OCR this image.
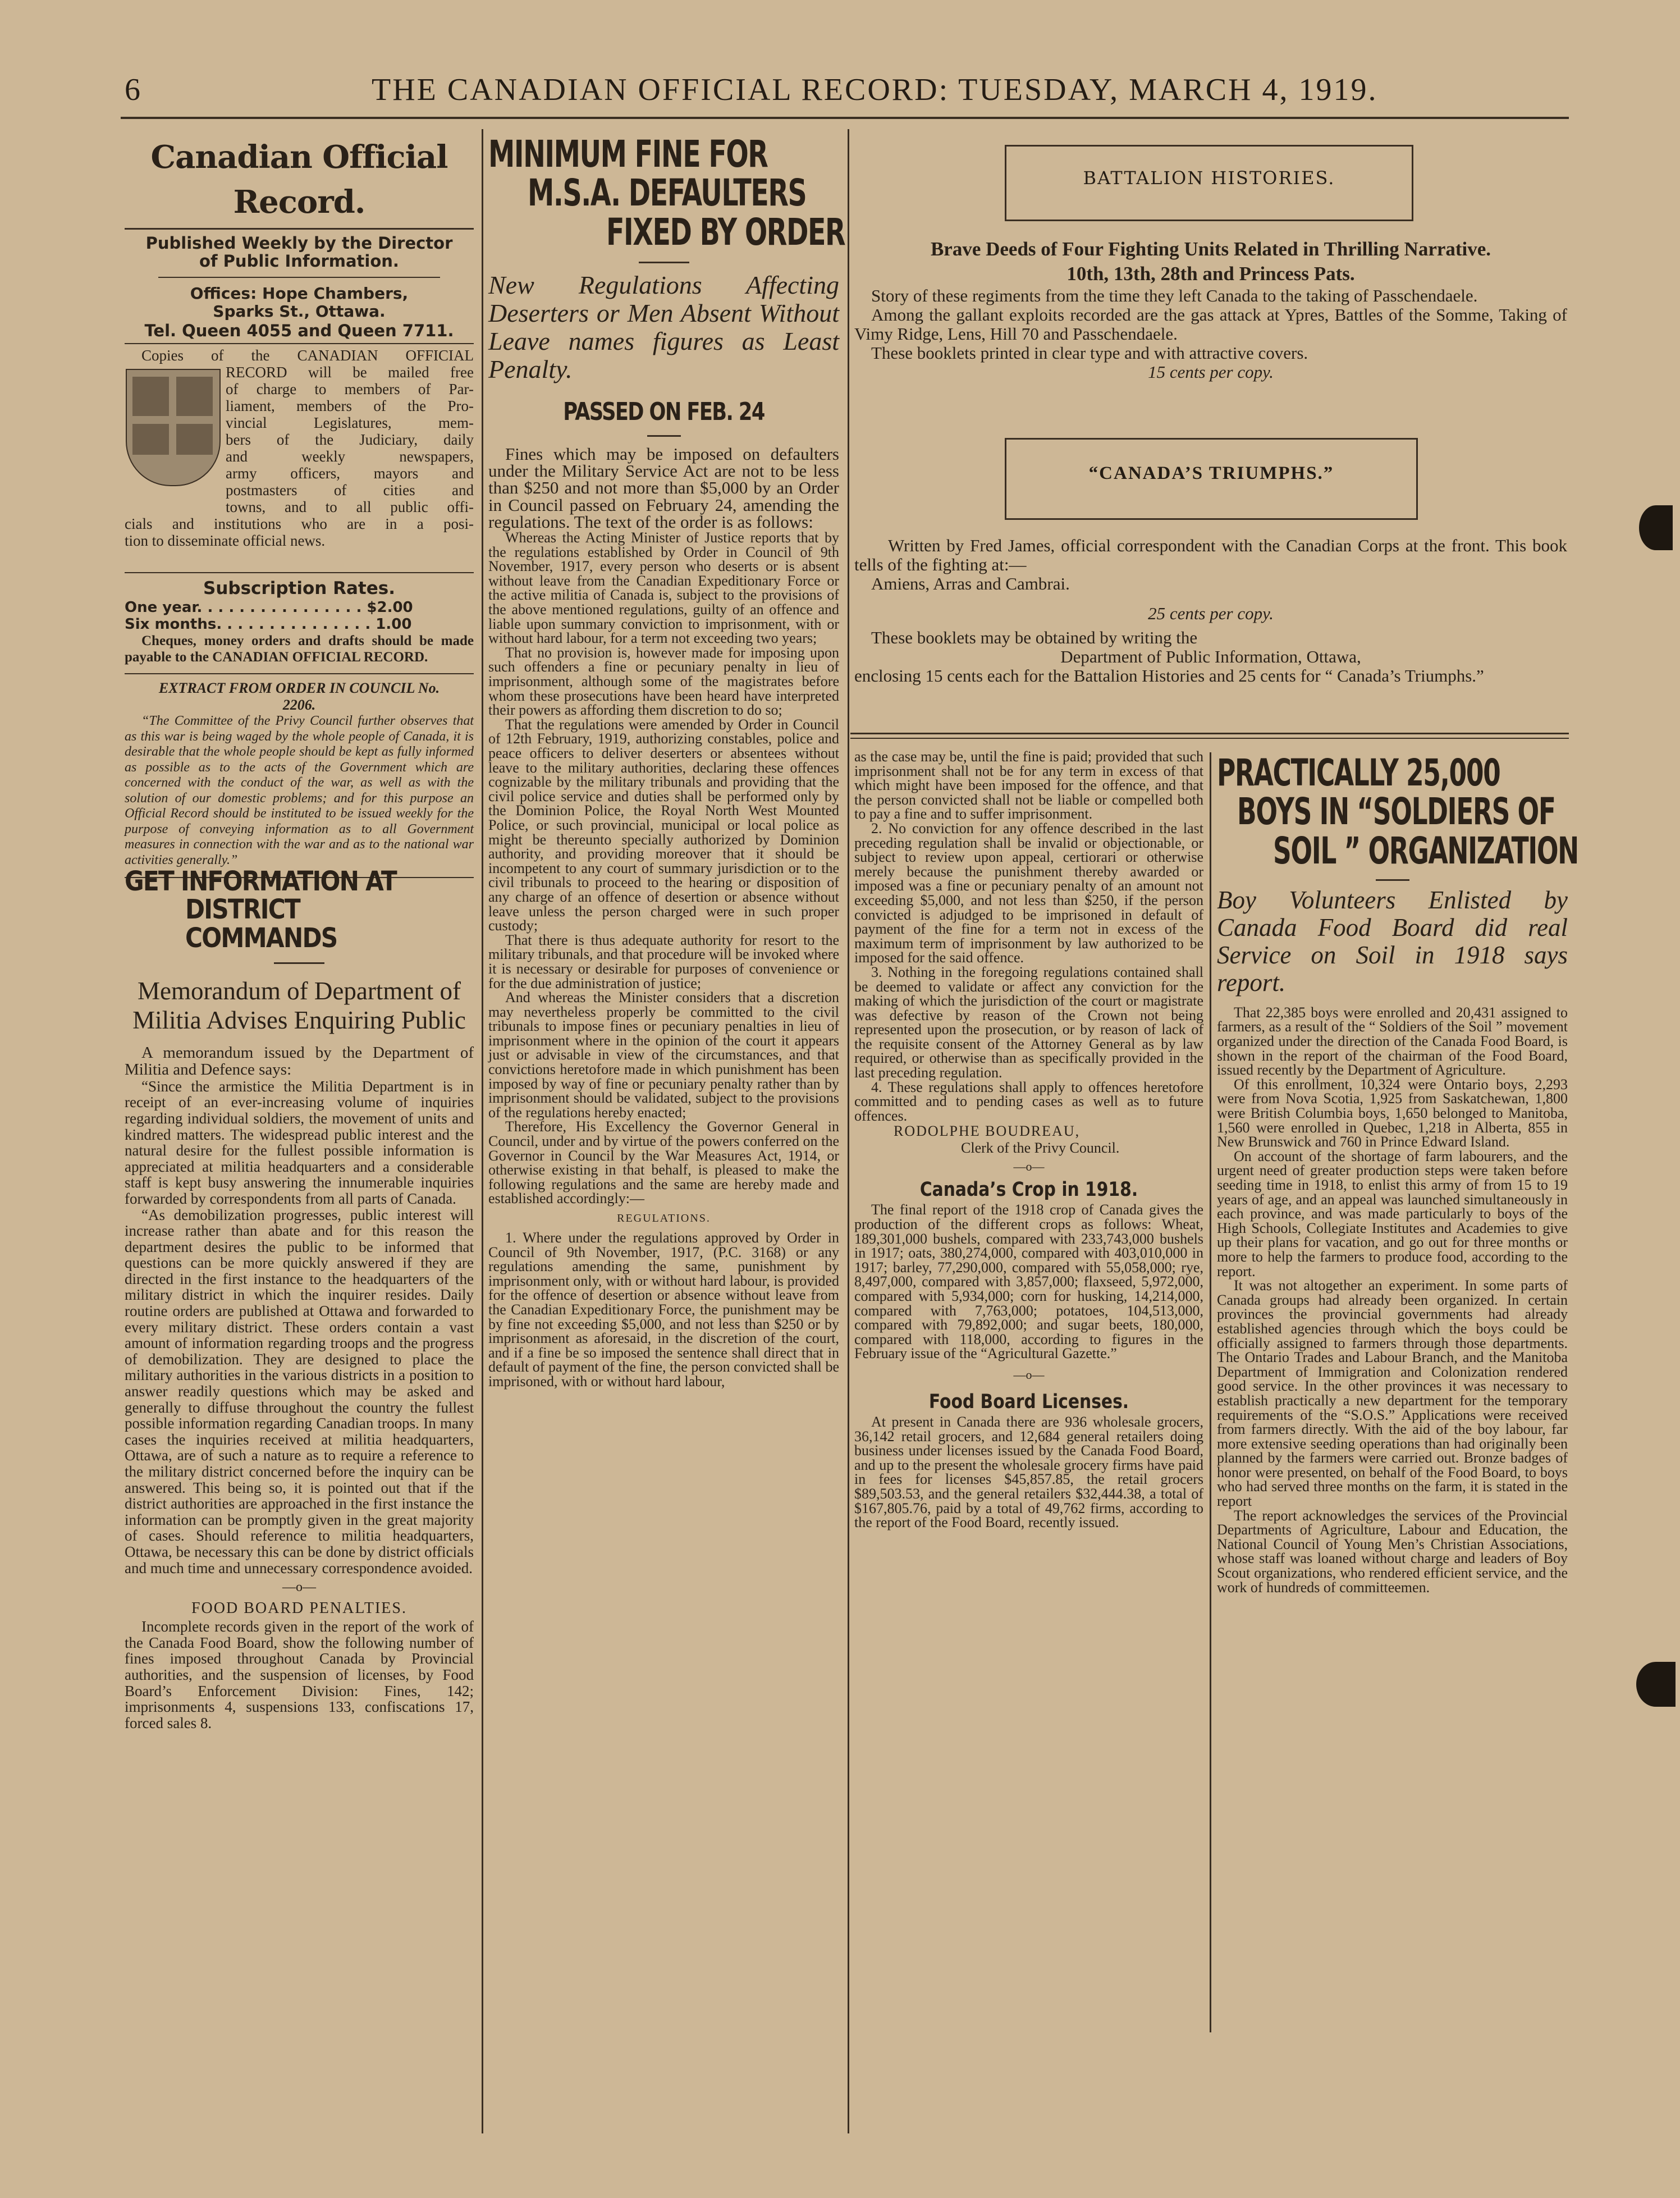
6	THE CANADIAN OFFICIAL RECORD: TUESDAY, MARCH 4, 1919.
Canadian Official Record.
Published Weekly by the Director of Public Information.
Offices: Hope Chambers, Sparks St., Ottawa.
Tel. Queen 4055 and Queen 7711.
Copies of the CANADIAN OFFICIAL
RECORD will be mailed free
of charge to members of Par-
liament, members of the Pro-
vincial Legislatures, mem-
bers of the Judiciary, daily
and weekly newspapers,
army officers, mayors and
postmasters of cities and
towns, and to all public offi-
cials and institutions who are in a posi-
tion to disseminate official news.
Subscription Rates.
One year. . . . . . . . . . . . . . . . $2.00
Six months. . . . . . . . . . . . . . . 1.00
Cheques, money orders and drafts should be made payable to the CANADIAN OFFICIAL RECORD.
EXTRACT FROM ORDER IN COUNCIL No. 2206.
“The Committee of the Privy Council further observes that as this war is being waged by the whole people of Canada, it is desirable that the whole people should be kept as fully informed as possible as to the acts of the Government which are concerned with the conduct of the war, as well as with the solution of our domestic problems; and for this purpose an Official Record should be instituted to be issued weekly for the purpose of conveying information as to all Government measures in connection with the war and as to the national war activities generally.”
GET INFORMATION AT
DISTRICT COMMANDS
Memorandum of Department of Militia Advises Enquiring Public
A memorandum issued by the Department of Militia and Defence says:
“Since the armistice the Militia Department is in receipt of an ever-increasing volume of inquiries regarding individual soldiers, the movement of units and kindred matters. The widespread public interest and the natural desire for the fullest possible information is appreciated at militia headquarters and a considerable staff is kept busy answering the innumerable inquiries forwarded by correspondents from all parts of Canada.
“As demobilization progresses, public interest will increase rather than abate and for this reason the department desires the public to be informed that questions can be more quickly answered if they are directed in the first instance to the headquarters of the military district in which the inquirer resides. Daily routine orders are published at Ottawa and forwarded to every military district. These orders contain a vast amount of information regarding troops and the progress of demobilization. They are designed to place the military authorities in the various districts in a position to answer readily questions which may be asked and generally to diffuse throughout the country the fullest possible information regarding Canadian troops. In many cases the inquiries received at militia headquarters, Ottawa, are of such a nature as to require a reference to the military district concerned before the inquiry can be answered. This being so, it is pointed out that if the district authorities are approached in the first instance the information can be promptly given in the great majority of cases. Should reference to militia headquarters, Ottawa, be necessary this can be done by district officials and much time and unnecessary correspondence avoided.
—o—
FOOD BOARD PENALTIES.
Incomplete records given in the report of the work of the Canada Food Board, show the following number of fines imposed throughout Canada by Provincial authorities, and the suspension of licenses, by Food Board’s Enforcement Division: Fines, 142; imprisonments 4, suspensions 133, confiscations 17, forced sales 8.
MINIMUM FINE FOR
M.S.A. DEFAULTERS
FIXED BY ORDER
New Regulations Affecting Deserters or Men Absent Without Leave names figures as Least Penalty.
PASSED ON FEB. 24
Fines which may be imposed on defaulters under the Military Service Act are not to be less than $250 and not more than $5,000 by an Order in Council passed on February 24, amending the regulations. The text of the order is as follows:
Whereas the Acting Minister of Justice reports that by the regulations established by Order in Council of 9th November, 1917, every person who deserts or is absent without leave from the Canadian Expeditionary Force or the active militia of Canada is, subject to the provisions of the above mentioned regulations, guilty of an offence and liable upon summary conviction to imprisonment, with or without hard labour, for a term not exceeding two years;
That no provision is, however made for imposing upon such offenders a fine or pecuniary penalty in lieu of imprisonment, although some of the magistrates before whom these prosecutions have been heard have interpreted their powers as affording them discretion to do so;
That the regulations were amended by Order in Council of 12th February, 1919, authorizing constables, police and peace officers to deliver deserters or absentees without leave to the military authorities, declaring these offences cognizable by the military tribunals and providing that the civil police service and duties shall be performed only by the Dominion Police, the Royal North West Mounted Police, or such provincial, municipal or local police as might be thereunto specially authorized by Dominion authority, and providing moreover that it should be incompetent to any court of summary jurisdiction or to the civil tribunals to proceed to the hearing or disposition of any charge of an offence of desertion or absence without leave unless the person charged were in such proper custody;
That there is thus adequate authority for resort to the military tribunals, and that procedure will be invoked where it is necessary or desirable for purposes of convenience or for the due administration of justice;
And whereas the Minister considers that a discretion may nevertheless properly be committed to the civil tribunals to impose fines or pecuniary penalties in lieu of imprisonment where in the opinion of the court it appears just or advisable in view of the circumstances, and that convictions heretofore made in which punishment has been imposed by way of fine or pecuniary penalty rather than by imprisonment should be validated, subject to the provisions of the regulations hereby enacted;
Therefore, His Excellency the Governor General in Council, under and by virtue of the powers conferred on the Governor in Council by the War Measures Act, 1914, or otherwise existing in that behalf, is pleased to make the following regulations and the same are hereby made and established accordingly:—
REGULATIONS.
1. Where under the regulations approved by Order in Council of 9th November, 1917, (P.C. 3168) or any regulations amending the same, punishment by imprisonment only, with or without hard labour, is provided for the offence of desertion or absence without leave from the Canadian Expeditionary Force, the punishment may be by fine not exceeding $5,000, and not less than $250 or by imprisonment as aforesaid, in the discretion of the court, and if a fine be so imposed the sentence shall direct that in default of payment of the fine, the person convicted shall be imprisoned, with or without hard labour,
BATTALION HISTORIES.
Brave Deeds of Four Fighting Units Related in Thrilling Narrative.
10th, 13th, 28th and Princess Pats.
Story of these regiments from the time they left Canada to the taking of Passchendaele.
Among the gallant exploits recorded are the gas attack at Ypres, Battles of the Somme, Taking of Vimy Ridge, Lens, Hill 70 and Passchendaele.
These booklets printed in clear type and with attractive covers.
15 cents per copy.
“CANADA’S TRIUMPHS.”
Written by Fred James, official correspondent with the Canadian Corps at the front. This book tells of the fighting at:—
Amiens, Arras and Cambrai.
25 cents per copy.
These booklets may be obtained by writing the
Department of Public Information, Ottawa,
enclosing 15 cents each for the Battalion Histories and 25 cents for “ Canada’s Triumphs.”
as the case may be, until the fine is paid; provided that such imprisonment shall not be for any term in excess of that which might have been imposed for the offence, and that the person convicted shall not be liable or compelled both to pay a fine and to suffer imprisonment.
2. No conviction for any offence described in the last preceding regulation shall be invalid or objectionable, or subject to review upon appeal, certiorari or otherwise merely because the punishment thereby awarded or imposed was a fine or pecuniary penalty of an amount not exceeding $5,000, and not less than $250, if the person convicted is adjudged to be imprisoned in default of payment of the fine for a term not in excess of the maximum term of imprisonment by law authorized to be imposed for the said offence.
3. Nothing in the foregoing regulations contained shall be deemed to validate or affect any conviction for the making of which the jurisdiction of the court or magistrate was defective by reason of the Crown not being represented upon the prosecution, or by reason of lack of the requisite consent of the Attorney General as by law required, or otherwise than as specifically provided in the last preceding regulation.
4. These regulations shall apply to offences heretofore committed and to pending cases as well as to future offences.
RODOLPHE BOUDREAU,
Clerk of the Privy Council.
—o—
Canada’s Crop in 1918.
The final report of the 1918 crop of Canada gives the production of the different crops as follows: Wheat, 189,301,000 bushels, compared with 233,743,000 bushels in 1917; oats, 380,274,000, compared with 403,010,000 in 1917; barley, 77,290,000, compared with 55,058,000; rye, 8,497,000, compared with 3,857,000; flaxseed, 5,972,000, compared with 5,934,000; corn for husking, 14,214,000, compared with 7,763,000; potatoes, 104,513,000, compared with 79,892,000; and sugar beets, 180,000, compared with 118,000, according to figures in the February issue of the “Agricultural Gazette.”
—o—
Food Board Licenses.
At present in Canada there are 936 wholesale grocers, 36,142 retail grocers, and 12,684 general retailers doing business under licenses issued by the Canada Food Board, and up to the present the wholesale grocery firms have paid in fees for licenses $45,857.85, the retail grocers $89,503.53, and the general retailers $32,444.38, a total of $167,805.76, paid by a total of 49,762 firms, according to the report of the Food Board, recently issued.
PRACTICALLY 25,000
BOYS IN “SOLDIERS OF
SOIL ” ORGANIZATION
Boy Volunteers Enlisted by Canada Food Board did real Service on Soil in 1918 says report.
That 22,385 boys were enrolled and 20,431 assigned to farmers, as a result of the “ Soldiers of the Soil ” movement organized under the direction of the Canada Food Board, is shown in the report of the chairman of the Food Board, issued recently by the Department of Agriculture.
Of this enrollment, 10,324 were Ontario boys, 2,293 were from Nova Scotia, 1,925 from Saskatchewan, 1,800 were British Columbia boys, 1,650 belonged to Manitoba, 1,560 were enrolled in Quebec, 1,218 in Alberta, 855 in New Brunswick and 760 in Prince Edward Island.
On account of the shortage of farm labourers, and the urgent need of greater production steps were taken before seeding time in 1918, to enlist this army of from 15 to 19 years of age, and an appeal was launched simultaneously in each province, and was made particularly to boys of the High Schools, Collegiate Institutes and Academies to give up their plans for vacation, and go out for three months or more to help the farmers to produce food, according to the report.
It was not altogether an experiment. In some parts of Canada groups had already been organized. In certain provinces the provincial governments had already established agencies through which the boys could be officially assigned to farmers through those departments. The Ontario Trades and Labour Branch, and the Manitoba Department of Immigration and Colonization rendered good service. In the other provinces it was necessary to establish practically a new department for the temporary requirements of the “S.O.S.” Applications were received from farmers directly. With the aid of the boy labour, far more extensive seeding operations than had originally been planned by the farmers were carried out. Bronze badges of honor were presented, on behalf of the Food Board, to boys who had served three months on the farm, it is stated in the report
The report acknowledges the services of the Provincial Departments of Agriculture, Labour and Education, the National Council of Young Men’s Christian Associations, whose staff was loaned without charge and leaders of Boy Scout organizations, who rendered efficient service, and the work of hundreds of committeemen.
